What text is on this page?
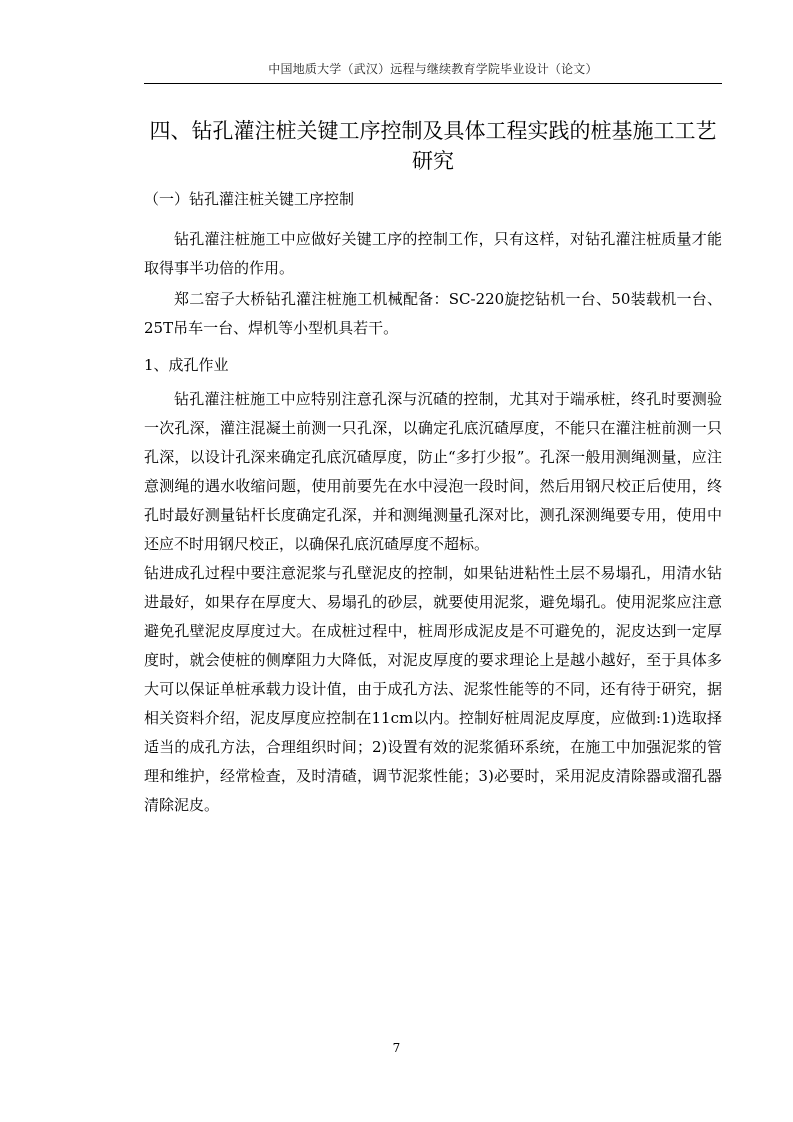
中国地质大学（武汉）远程与继续教育学院毕业设计（论文）
四、钻孔灌注桩关键工序控制及具体工程实践的桩基施工工艺
研究

（一）钻孔灌注桩关键工序控制

钻孔灌注桩施工中应做好关键工序的控制工作，只有这样，对钻孔灌注桩质量才能取得事半功倍的作用。

郑二窑子大桥钻孔灌注桩施工机械配备：SC-220旋挖钻机一台、50装载机一台、25T吊车一台、焊机等小型机具若干。

1、成孔作业

钻孔灌注桩施工中应特别注意孔深与沉碴的控制，尤其对于端承桩，终孔时要测验一次孔深，灌注混凝土前测一只孔深，以确定孔底沉碴厚度，不能只在灌注桩前测一只孔深，以设计孔深来确定孔底沉碴厚度，防止“多打少报”。孔深一般用测绳测量，应注意测绳的遇水收缩问题，使用前要先在水中浸泡一段时间，然后用钢尺校正后使用，终孔时最好测量钻杆长度确定孔深，并和测绳测量孔深对比，测孔深测绳要专用，使用中还应不时用钢尺校正，以确保孔底沉碴厚度不超标。

钻进成孔过程中要注意泥浆与孔壁泥皮的控制，如果钻进粘性土层不易塌孔，用清水钻进最好，如果存在厚度大、易塌孔的砂层，就要使用泥浆，避免塌孔。使用泥浆应注意避免孔壁泥皮厚度过大。在成桩过程中，桩周形成泥皮是不可避免的，泥皮达到一定厚度时，就会使桩的侧摩阻力大降低，对泥皮厚度的要求理论上是越小越好，至于具体多大可以保证单桩承载力设计值，由于成孔方法、泥浆性能等的不同，还有待于研究，据相关资料介绍，泥皮厚度应控制在11cm以内。控制好桩周泥皮厚度，应做到:1)选取择适当的成孔方法，合理组织时间；2)设置有效的泥浆循环系统，在施工中加强泥浆的管理和维护，经常检查，及时清碴，调节泥浆性能；3)必要时，采用泥皮清除器或溜孔器清除泥皮。

7
